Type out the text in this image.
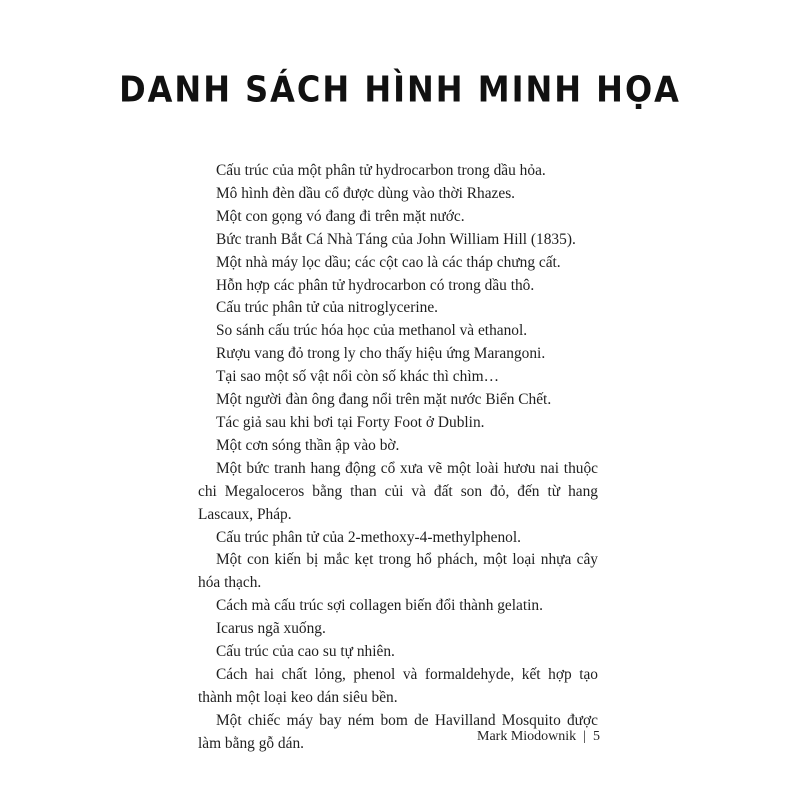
DANH SÁCH HÌNH MINH HỌA
Cấu trúc của một phân tử hydrocarbon trong dầu hỏa.
Mô hình đèn dầu cổ được dùng vào thời Rhazes.
Một con gọng vó đang đi trên mặt nước.
Bức tranh Bắt Cá Nhà Táng của John William Hill (1835).
Một nhà máy lọc dầu; các cột cao là các tháp chưng cất.
Hỗn hợp các phân tử hydrocarbon có trong dầu thô.
Cấu trúc phân tử của nitroglycerine.
So sánh cấu trúc hóa học của methanol và ethanol.
Rượu vang đỏ trong ly cho thấy hiệu ứng Marangoni.
Tại sao một số vật nổi còn số khác thì chìm…
Một người đàn ông đang nổi trên mặt nước Biển Chết.
Tác giả sau khi bơi tại Forty Foot ở Dublin.
Một cơn sóng thần ập vào bờ.
Một bức tranh hang động cổ xưa vẽ một loài hươu nai thuộc chi Megaloceros bằng than củi và đất son đỏ, đến từ hang Lascaux, Pháp.
Cấu trúc phân tử của 2-methoxy-4-methylphenol.
Một con kiến bị mắc kẹt trong hổ phách, một loại nhựa cây hóa thạch.
Cách mà cấu trúc sợi collagen biến đổi thành gelatin.
Icarus ngã xuống.
Cấu trúc của cao su tự nhiên.
Cách hai chất lỏng, phenol và formaldehyde, kết hợp tạo thành một loại keo dán siêu bền.
Một chiếc máy bay ném bom de Havilland Mosquito được làm bằng gỗ dán.	Mark Miodownik | 5
